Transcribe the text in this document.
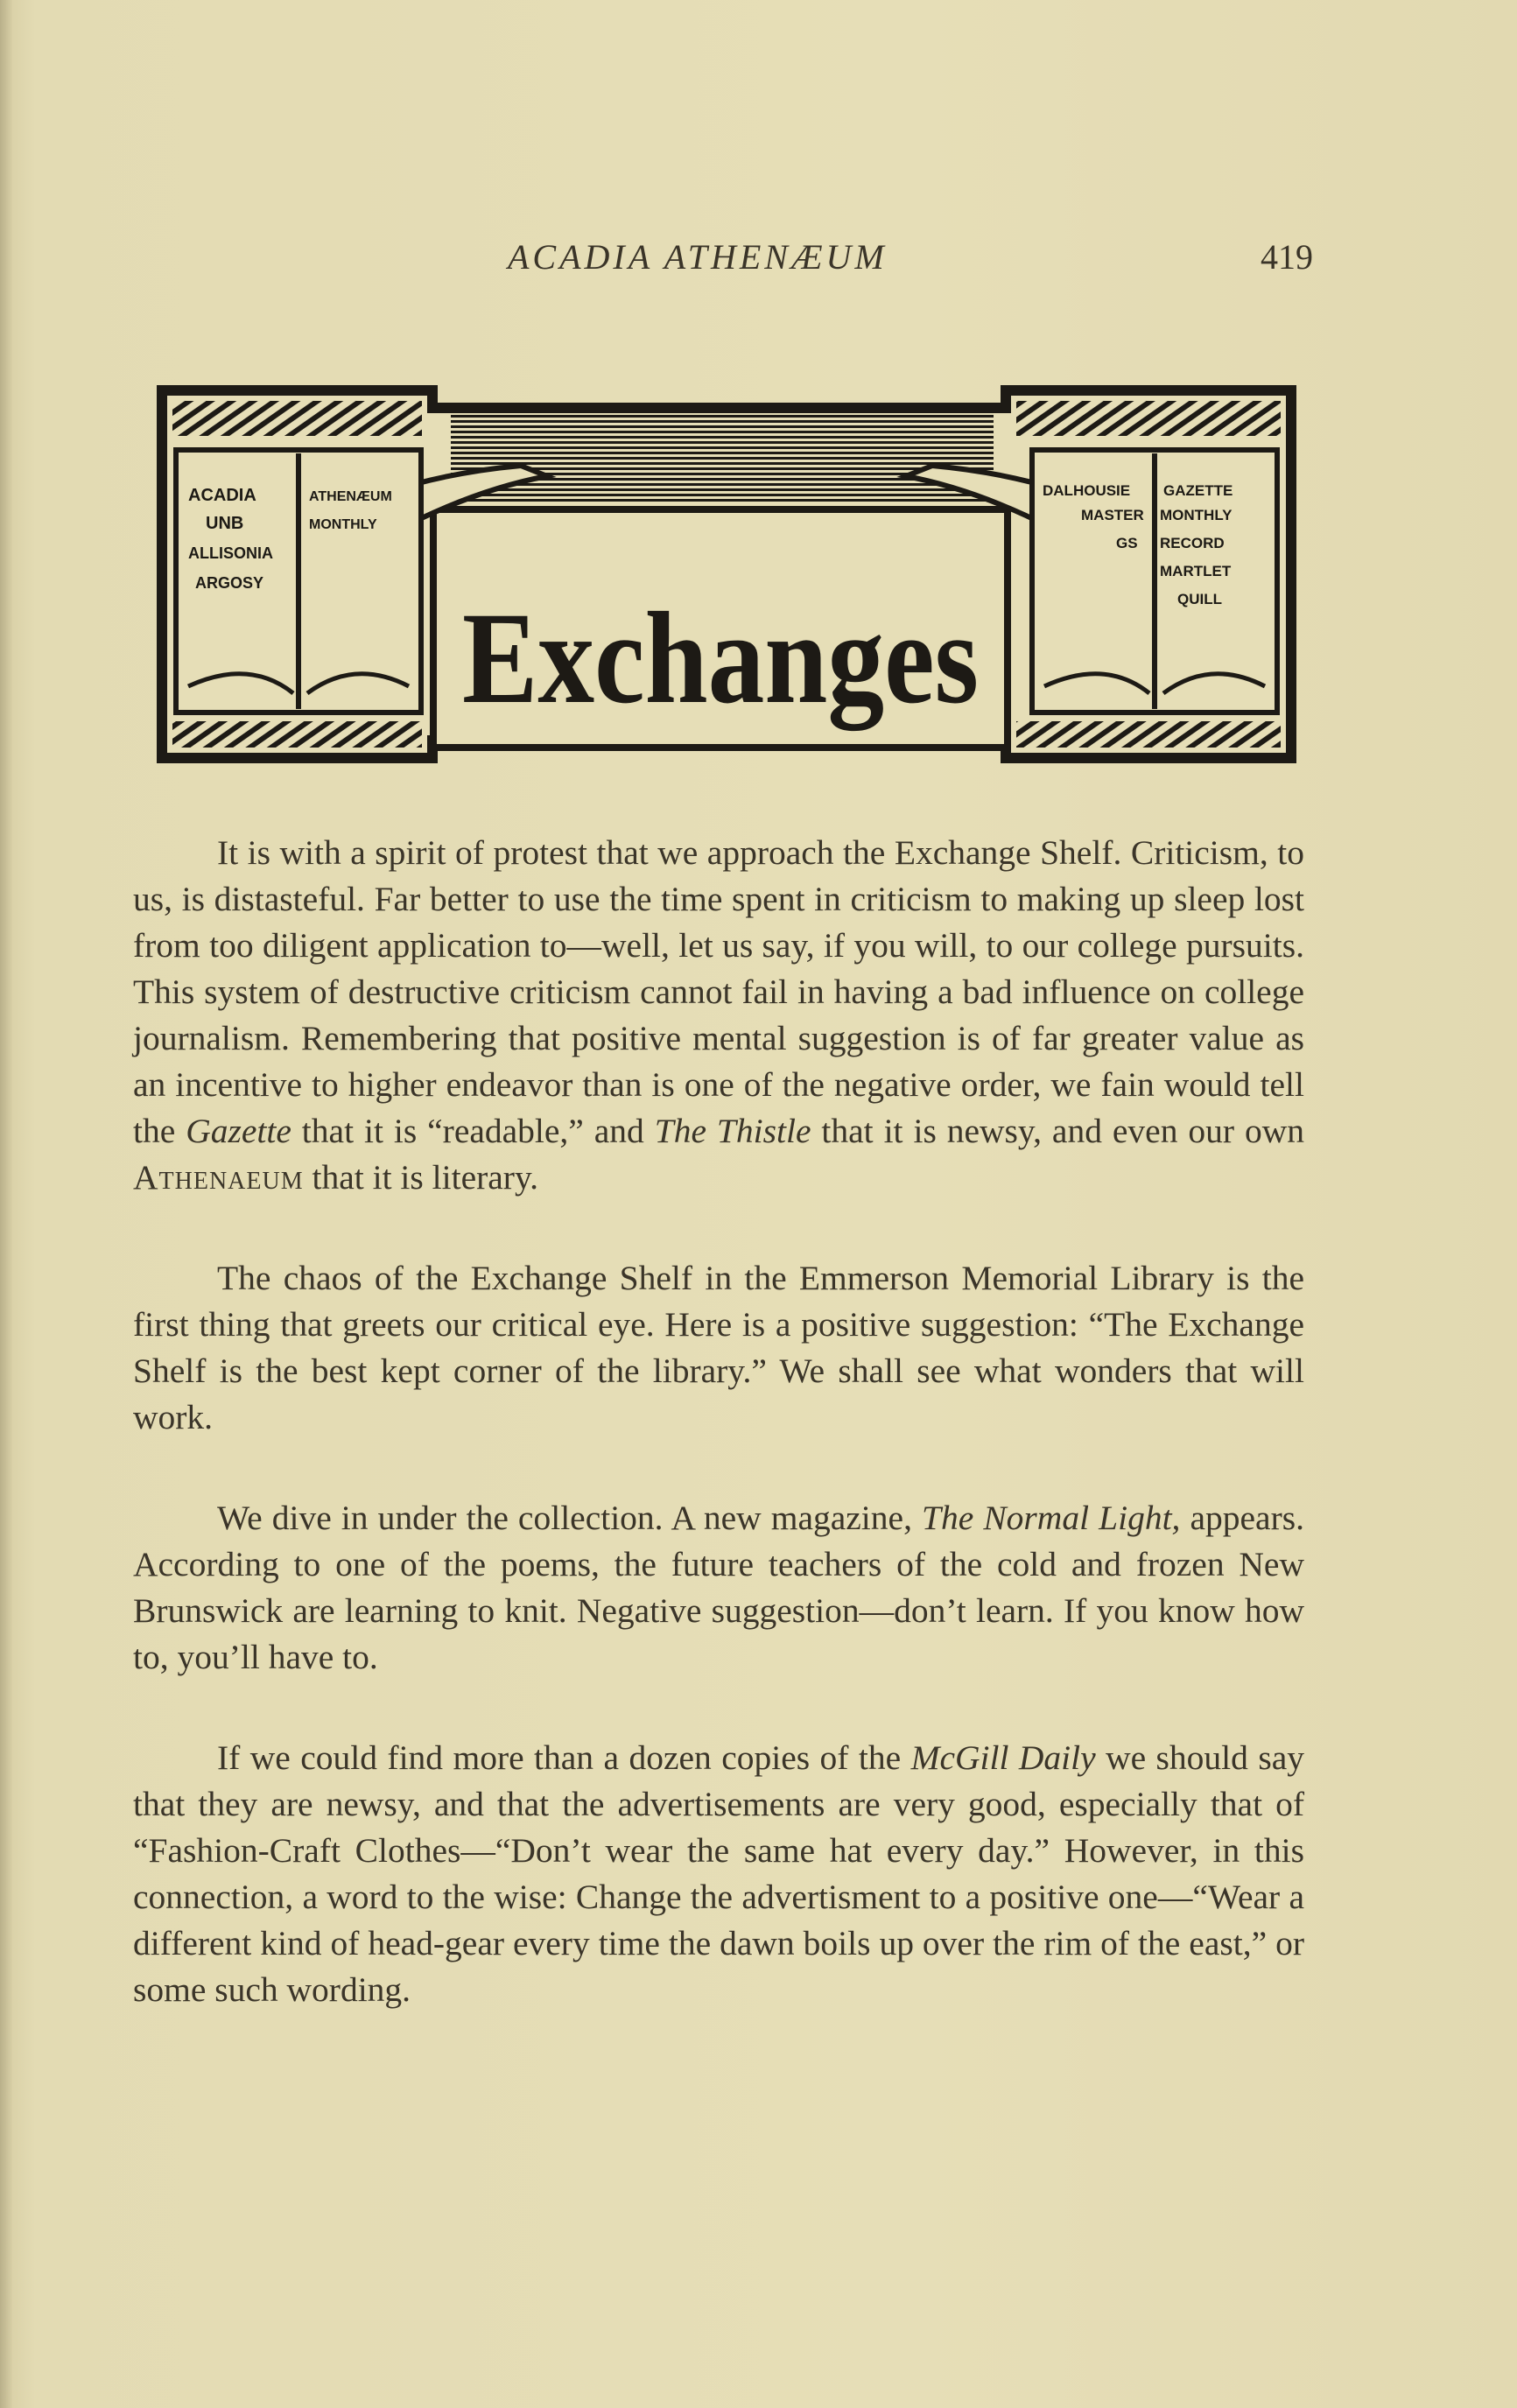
ACADIA ATHENÆUM	419
ACADIA	ATHENÆUM
UNB	MONTHLY
ALLISONIA
ARGOSY
DALHOUSIE GAZETTE
MASTER MONTHLY
GS RECORD
MARTLET
QUILL
Exchanges

It is with a spirit of protest that we approach the Exchange Shelf. Criticism, to us, is distasteful. Far better to use the time spent in criticism to making up sleep lost from too diligent application to—well, let us say, if you will, to our college pursuits. This system of destructive criticism cannot fail in having a bad influence on college journalism. Remembering that positive mental suggestion is of far greater value as an incentive to higher endeavor than is one of the negative order, we fain would tell the Gazette that it is “readable,” and The Thistle that it is newsy, and even our own Athenaeum that it is literary.

The chaos of the Exchange Shelf in the Emmerson Memorial Library is the first thing that greets our critical eye. Here is a positive suggestion: “The Exchange Shelf is the best kept corner of the library.” We shall see what wonders that will work.

We dive in under the collection. A new magazine, The Normal Light, appears. According to one of the poems, the future teachers of the cold and frozen New Brunswick are learning to knit. Negative suggestion—don’t learn. If you know how to, you’ll have to.

If we could find more than a dozen copies of the McGill Daily we should say that they are newsy, and that the advertisements are very good, especially that of “Fashion-Craft Clothes—“Don’t wear the same hat every day.” However, in this connection, a word to the wise: Change the advertisment to a positive one—“Wear a different kind of head-gear every time the dawn boils up over the rim of the east,” or some such wording.
